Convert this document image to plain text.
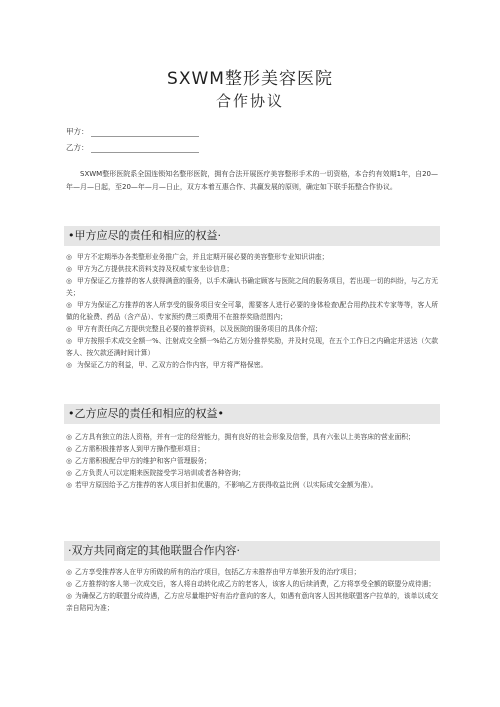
SXWM整形美容医院
合作协议
甲方：
乙方：
SXWM整形医院系全国连锁知名整形医院，拥有合法开展医疗美容整形手术的一切资格，本合约有效期1年，自20—年—月—日起，至20—年—月—日止，双方本着互惠合作、共赢发展的原则，确定如下联手拓整合作协议。
•甲方应尽的责任和相应的权益·
◎ 甲方不定期举办各类整形业务推广会，并且定期开展必要的美容整形专业知识讲座；
◎ 甲方为乙方提供技术资料支持及权威专家坐诊信息；
◎ 甲方保证乙方推荐的客人获得满意的服务，以手术确认书确定顾客与医院之间的服务项目，若出现一切的纠纷，与乙方无关；
◎ 甲方为保证乙方推荐的客人所享受的服务项目安全可靠，需要客人进行必要的身体检查\配合用药\技术专家等等，客人所做的化验费、药品（含产品）、专家预约费三项费用不在推荐奖励范围内；
◎ 甲方有责任向乙方提供完整且必要的推荐资料，以及医院的服务项目的具体介绍；
◎ 甲方按照手术成交全额一%、注射成交全额一%给乙方划分推荐奖励，并及时兑现，在五个工作日之内确定并送达（欠款客人、按欠款还满时间计算）
◎ 为保证乙方的利益，甲、乙双方的合作内容，甲方将严格保密。
•乙方应尽的责任和相应的权益•
◎ 乙方具有独立的法人资格，并有一定的经营能力，拥有良好的社会形象及信誉，具有六张以上美容床的营业面积；
◎ 乙方需积极推荐客人到甲方操作整形项目；
◎ 乙方需积极配合甲方的维护和客户管理服务；
◎ 乙方负责人可以定期来医院接受学习培训或者各种咨询；
◎ 若甲方原因给予乙方推荐的客人项目折扣优惠的，不影响乙方获得收益比例（以实际成交金额为准）。
·双方共同商定的其他联盟合作内容·
◎ 乙方享受推荐客人在甲方所做的所有的治疗项目，包括乙方未推荐由甲方单独开发的治疗项目；
◎ 乙方推荐的客人第一次成交后，客人将自动转化成乙方的老客人，该客人的后续消费，乙方将享受全额的联盟分成待遇；
◎ 为确保乙方的联盟分成待遇，乙方应尽量维护好有治疗意向的客人，如遇有意向客人因其他联盟客户拉单的，该单以成交亲自陪同为准；
